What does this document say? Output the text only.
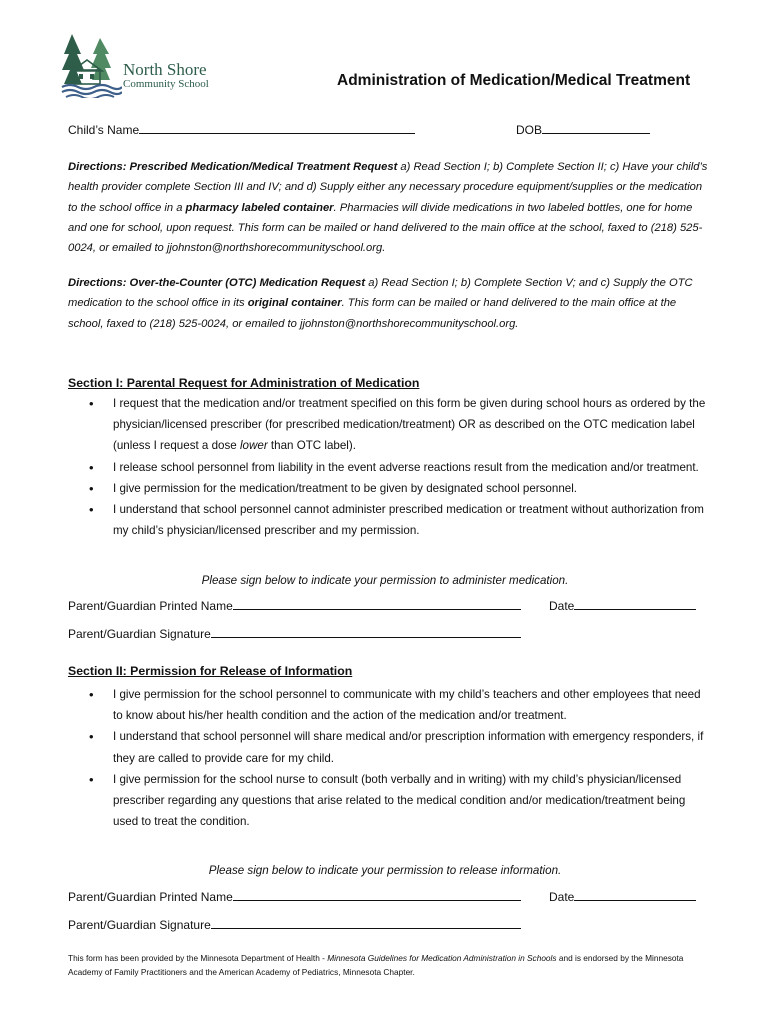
North Shore
Community School	Administration of Medication/Medical Treatment
Child’s Name	DOB
Directions: Prescribed Medication/Medical Treatment Request a) Read Section I; b) Complete Section II; c) Have your child’s health provider complete Section III and IV; and d) Supply either any necessary procedure equipment/supplies or the medication to the school office in a pharmacy labeled container. Pharmacies will divide medications in two labeled bottles, one for home and one for school, upon request. This form can be mailed or hand delivered to the main office at the school, faxed to (218) 525-0024, or emailed to jjohnston@northshorecommunityschool.org.
Directions: Over-the-Counter (OTC) Medication Request a) Read Section I; b) Complete Section V; and c) Supply the OTC medication to the school office in its original container. This form can be mailed or hand delivered to the main office at the school, faxed to (218) 525-0024, or emailed to jjohnston@northshorecommunityschool.org.
Section I: Parental Request for Administration of Medication
• I request that the medication and/or treatment specified on this form be given during school hours as ordered by the physician/licensed prescriber (for prescribed medication/treatment) OR as described on the OTC medication label (unless I request a dose lower than OTC label).
• I release school personnel from liability in the event adverse reactions result from the medication and/or treatment.
• I give permission for the medication/treatment to be given by designated school personnel.
• I understand that school personnel cannot administer prescribed medication or treatment without authorization from my child’s physician/licensed prescriber and my permission.
Please sign below to indicate your permission to administer medication.
Parent/Guardian Printed Name	Date
Parent/Guardian Signature
Section II: Permission for Release of Information
• I give permission for the school personnel to communicate with my child’s teachers and other employees that need to know about his/her health condition and the action of the medication and/or treatment.
• I understand that school personnel will share medical and/or prescription information with emergency responders, if they are called to provide care for my child.
• I give permission for the school nurse to consult (both verbally and in writing) with my child’s physician/licensed prescriber regarding any questions that arise related to the medical condition and/or medication/treatment being used to treat the condition.
Please sign below to indicate your permission to release information.
Parent/Guardian Printed Name	Date
Parent/Guardian Signature
This form has been provided by the Minnesota Department of Health - Minnesota Guidelines for Medication Administration in Schools and is endorsed by the Minnesota Academy of Family Practitioners and the American Academy of Pediatrics, Minnesota Chapter.
